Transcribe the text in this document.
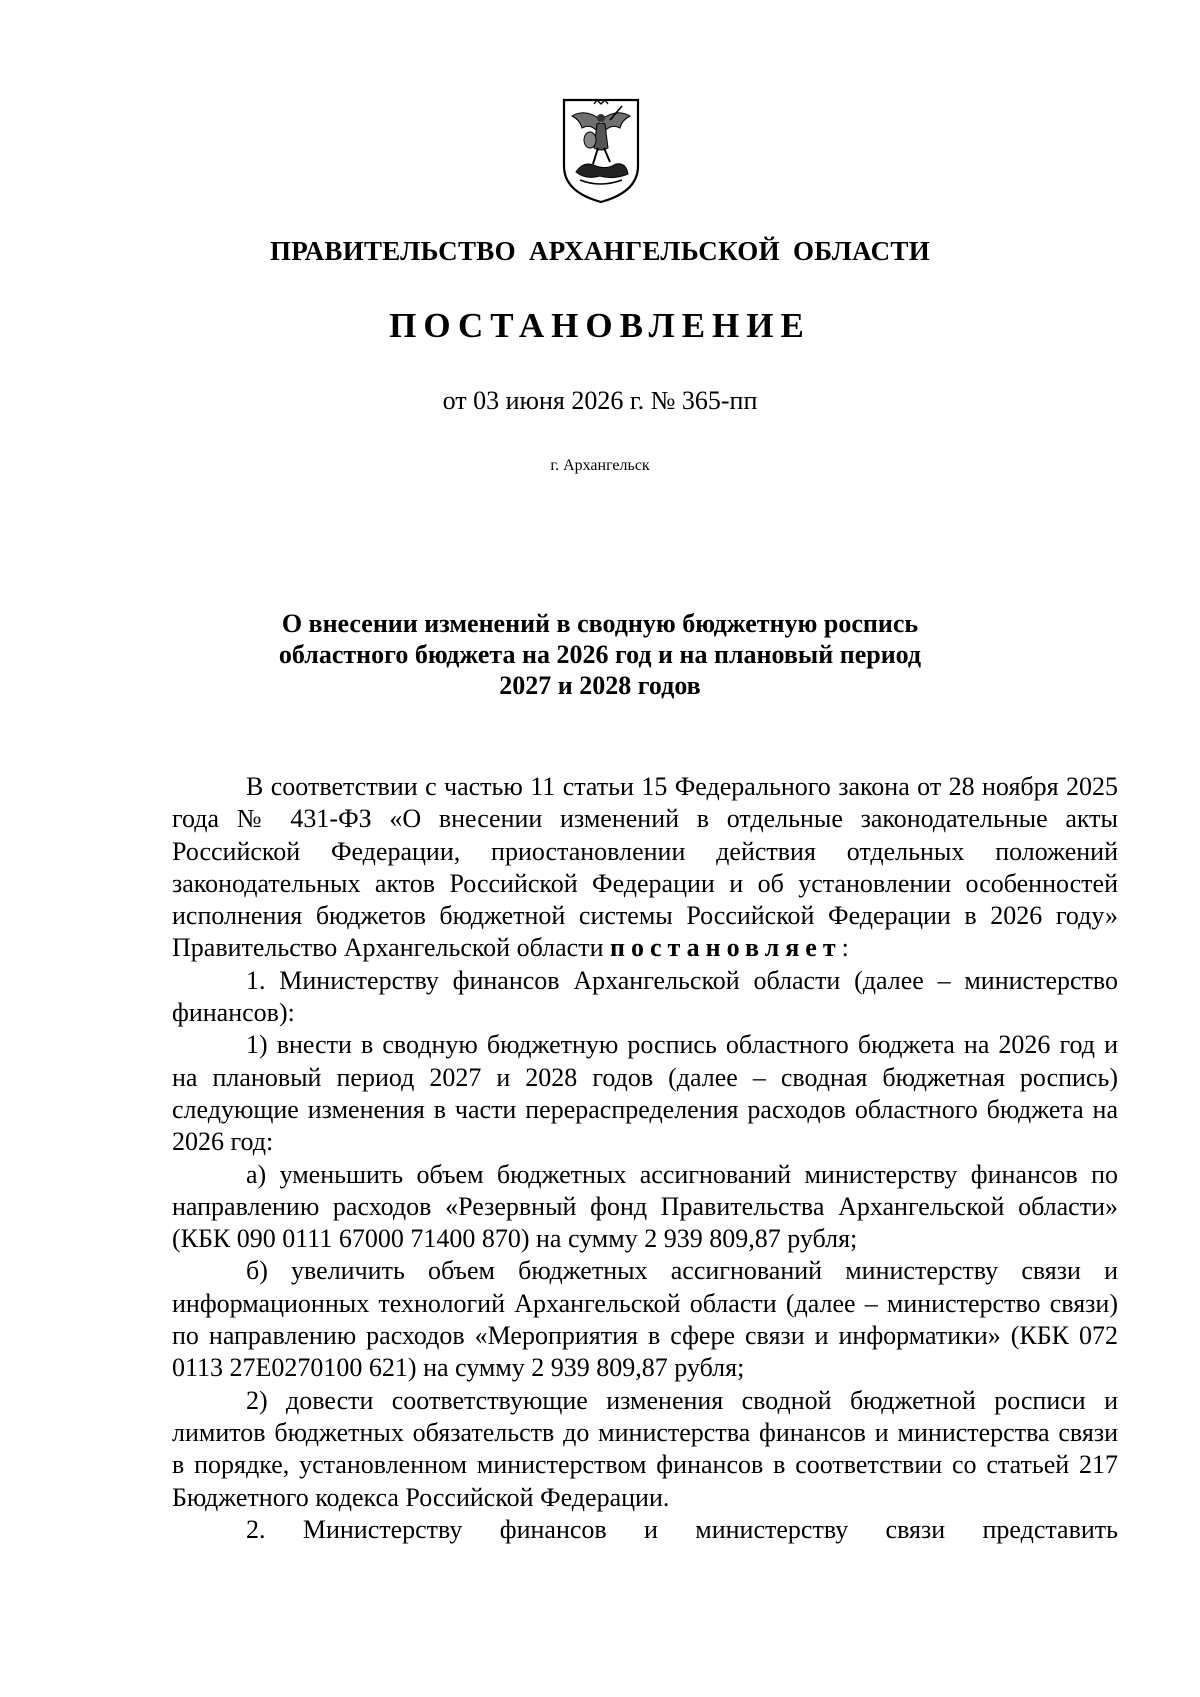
ПРАВИТЕЛЬСТВО АРХАНГЕЛЬСКОЙ ОБЛАСТИ
ПОСТАНОВЛЕНИЕ
от 03 июня 2026 г. № 365-пп
г. Архангельск
О внесении изменений в сводную бюджетную роспись
областного бюджета на 2026 год и на плановый период
2027 и 2028 годов

В соответствии с частью 11 статьи 15 Федерального закона от 28 ноября 2025 года № 431-ФЗ «О внесении изменений в отдельные законодательные акты Российской Федерации, приостановлении действия отдельных положений законодательных актов Российской Федерации и об установлении особенностей исполнения бюджетов бюджетной системы Российской Федерации в 2026 году» Правительство Архангельской области постановляет:

1. Министерству финансов Архангельской области (далее – министерство финансов):

1) внести в сводную бюджетную роспись областного бюджета на 2026 год и на плановый период 2027 и 2028 годов (далее – сводная бюджетная роспись) следующие изменения в части перераспределения расходов областного бюджета на 2026 год:

а) уменьшить объем бюджетных ассигнований министерству финансов по направлению расходов «Резервный фонд Правительства Архангельской области» (КБК 090 0111 67000 71400 870) на сумму 2 939 809,87 рубля;

б) увеличить объем бюджетных ассигнований министерству связи и информационных технологий Архангельской области (далее – министерство связи) по направлению расходов «Мероприятия в сфере связи и информатики» (КБК 072 0113 27Е0270100 621) на сумму 2 939 809,87 рубля;

2) довести соответствующие изменения сводной бюджетной росписи и лимитов бюджетных обязательств до министерства финансов и министерства связи в порядке, установленном министерством финансов в соответствии со статьей 217 Бюджетного кодекса Российской Федерации.

2. Министерству финансов и министерству связи представить
